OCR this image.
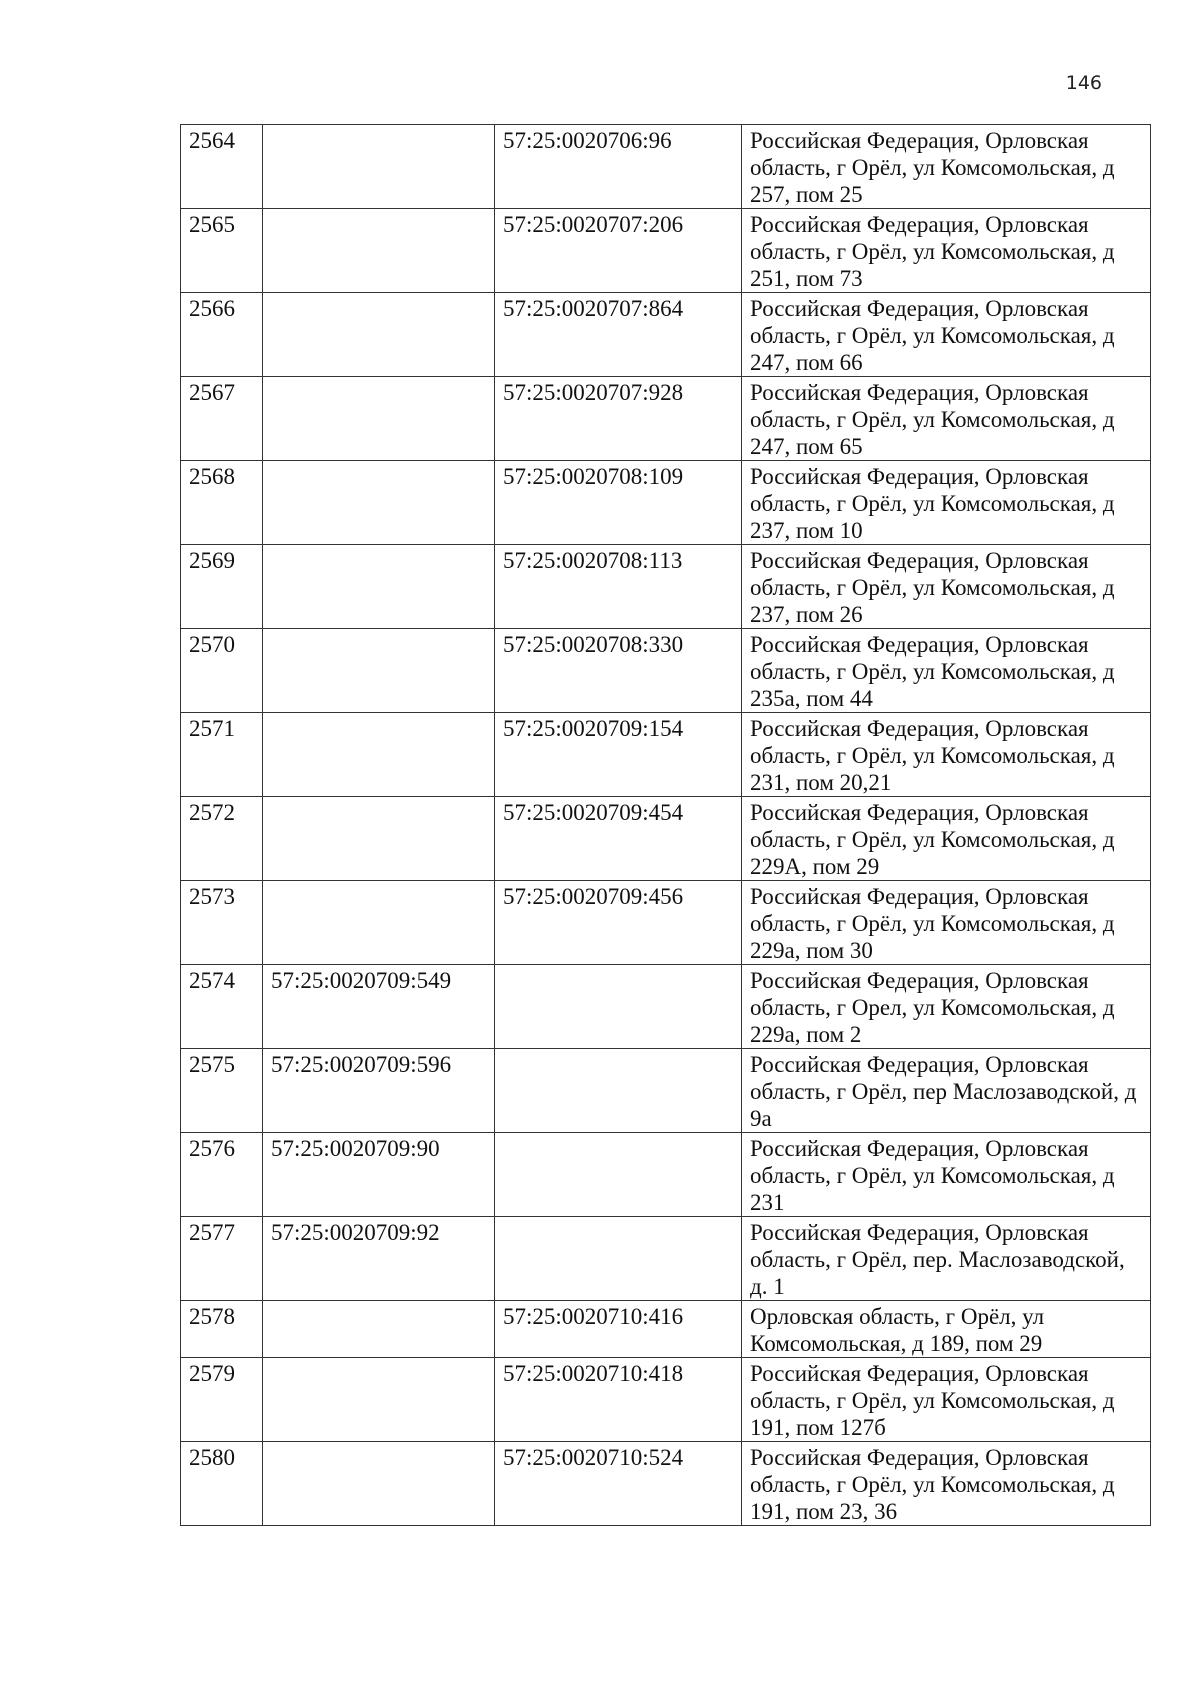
146
2564		57:25:0020706:96	Российская Федерация, Орловская область, г Орёл, ул Комсомольская, д 257, пом 25
2565		57:25:0020707:206	Российская Федерация, Орловская область, г Орёл, ул Комсомольская, д 251, пом 73
2566		57:25:0020707:864	Российская Федерация, Орловская область, г Орёл, ул Комсомольская, д 247, пом 66
2567		57:25:0020707:928	Российская Федерация, Орловская область, г Орёл, ул Комсомольская, д 247, пом 65
2568		57:25:0020708:109	Российская Федерация, Орловская область, г Орёл, ул Комсомольская, д 237, пом 10
2569		57:25:0020708:113	Российская Федерация, Орловская область, г Орёл, ул Комсомольская, д 237, пом 26
2570		57:25:0020708:330	Российская Федерация, Орловская область, г Орёл, ул Комсомольская, д 235а, пом 44
2571		57:25:0020709:154	Российская Федерация, Орловская область, г Орёл, ул Комсомольская, д 231, пом 20,21
2572		57:25:0020709:454	Российская Федерация, Орловская область, г Орёл, ул Комсомольская, д 229А, пом 29
2573		57:25:0020709:456	Российская Федерация, Орловская область, г Орёл, ул Комсомольская, д 229а, пом 30
2574	57:25:0020709:549		Российская Федерация, Орловская область, г Орел, ул Комсомольская, д 229а, пом 2
2575	57:25:0020709:596		Российская Федерация, Орловская область, г Орёл, пер Маслозаводской, д 9а
2576	57:25:0020709:90		Российская Федерация, Орловская область, г Орёл, ул Комсомольская, д 231
2577	57:25:0020709:92		Российская Федерация, Орловская область, г Орёл, пер. Маслозаводской, д. 1
2578		57:25:0020710:416	Орловская область, г Орёл, ул Комсомольская, д 189, пом 29
2579		57:25:0020710:418	Российская Федерация, Орловская область, г Орёл, ул Комсомольская, д 191, пом 127б
2580		57:25:0020710:524	Российская Федерация, Орловская область, г Орёл, ул Комсомольская, д 191, пом 23, 36
